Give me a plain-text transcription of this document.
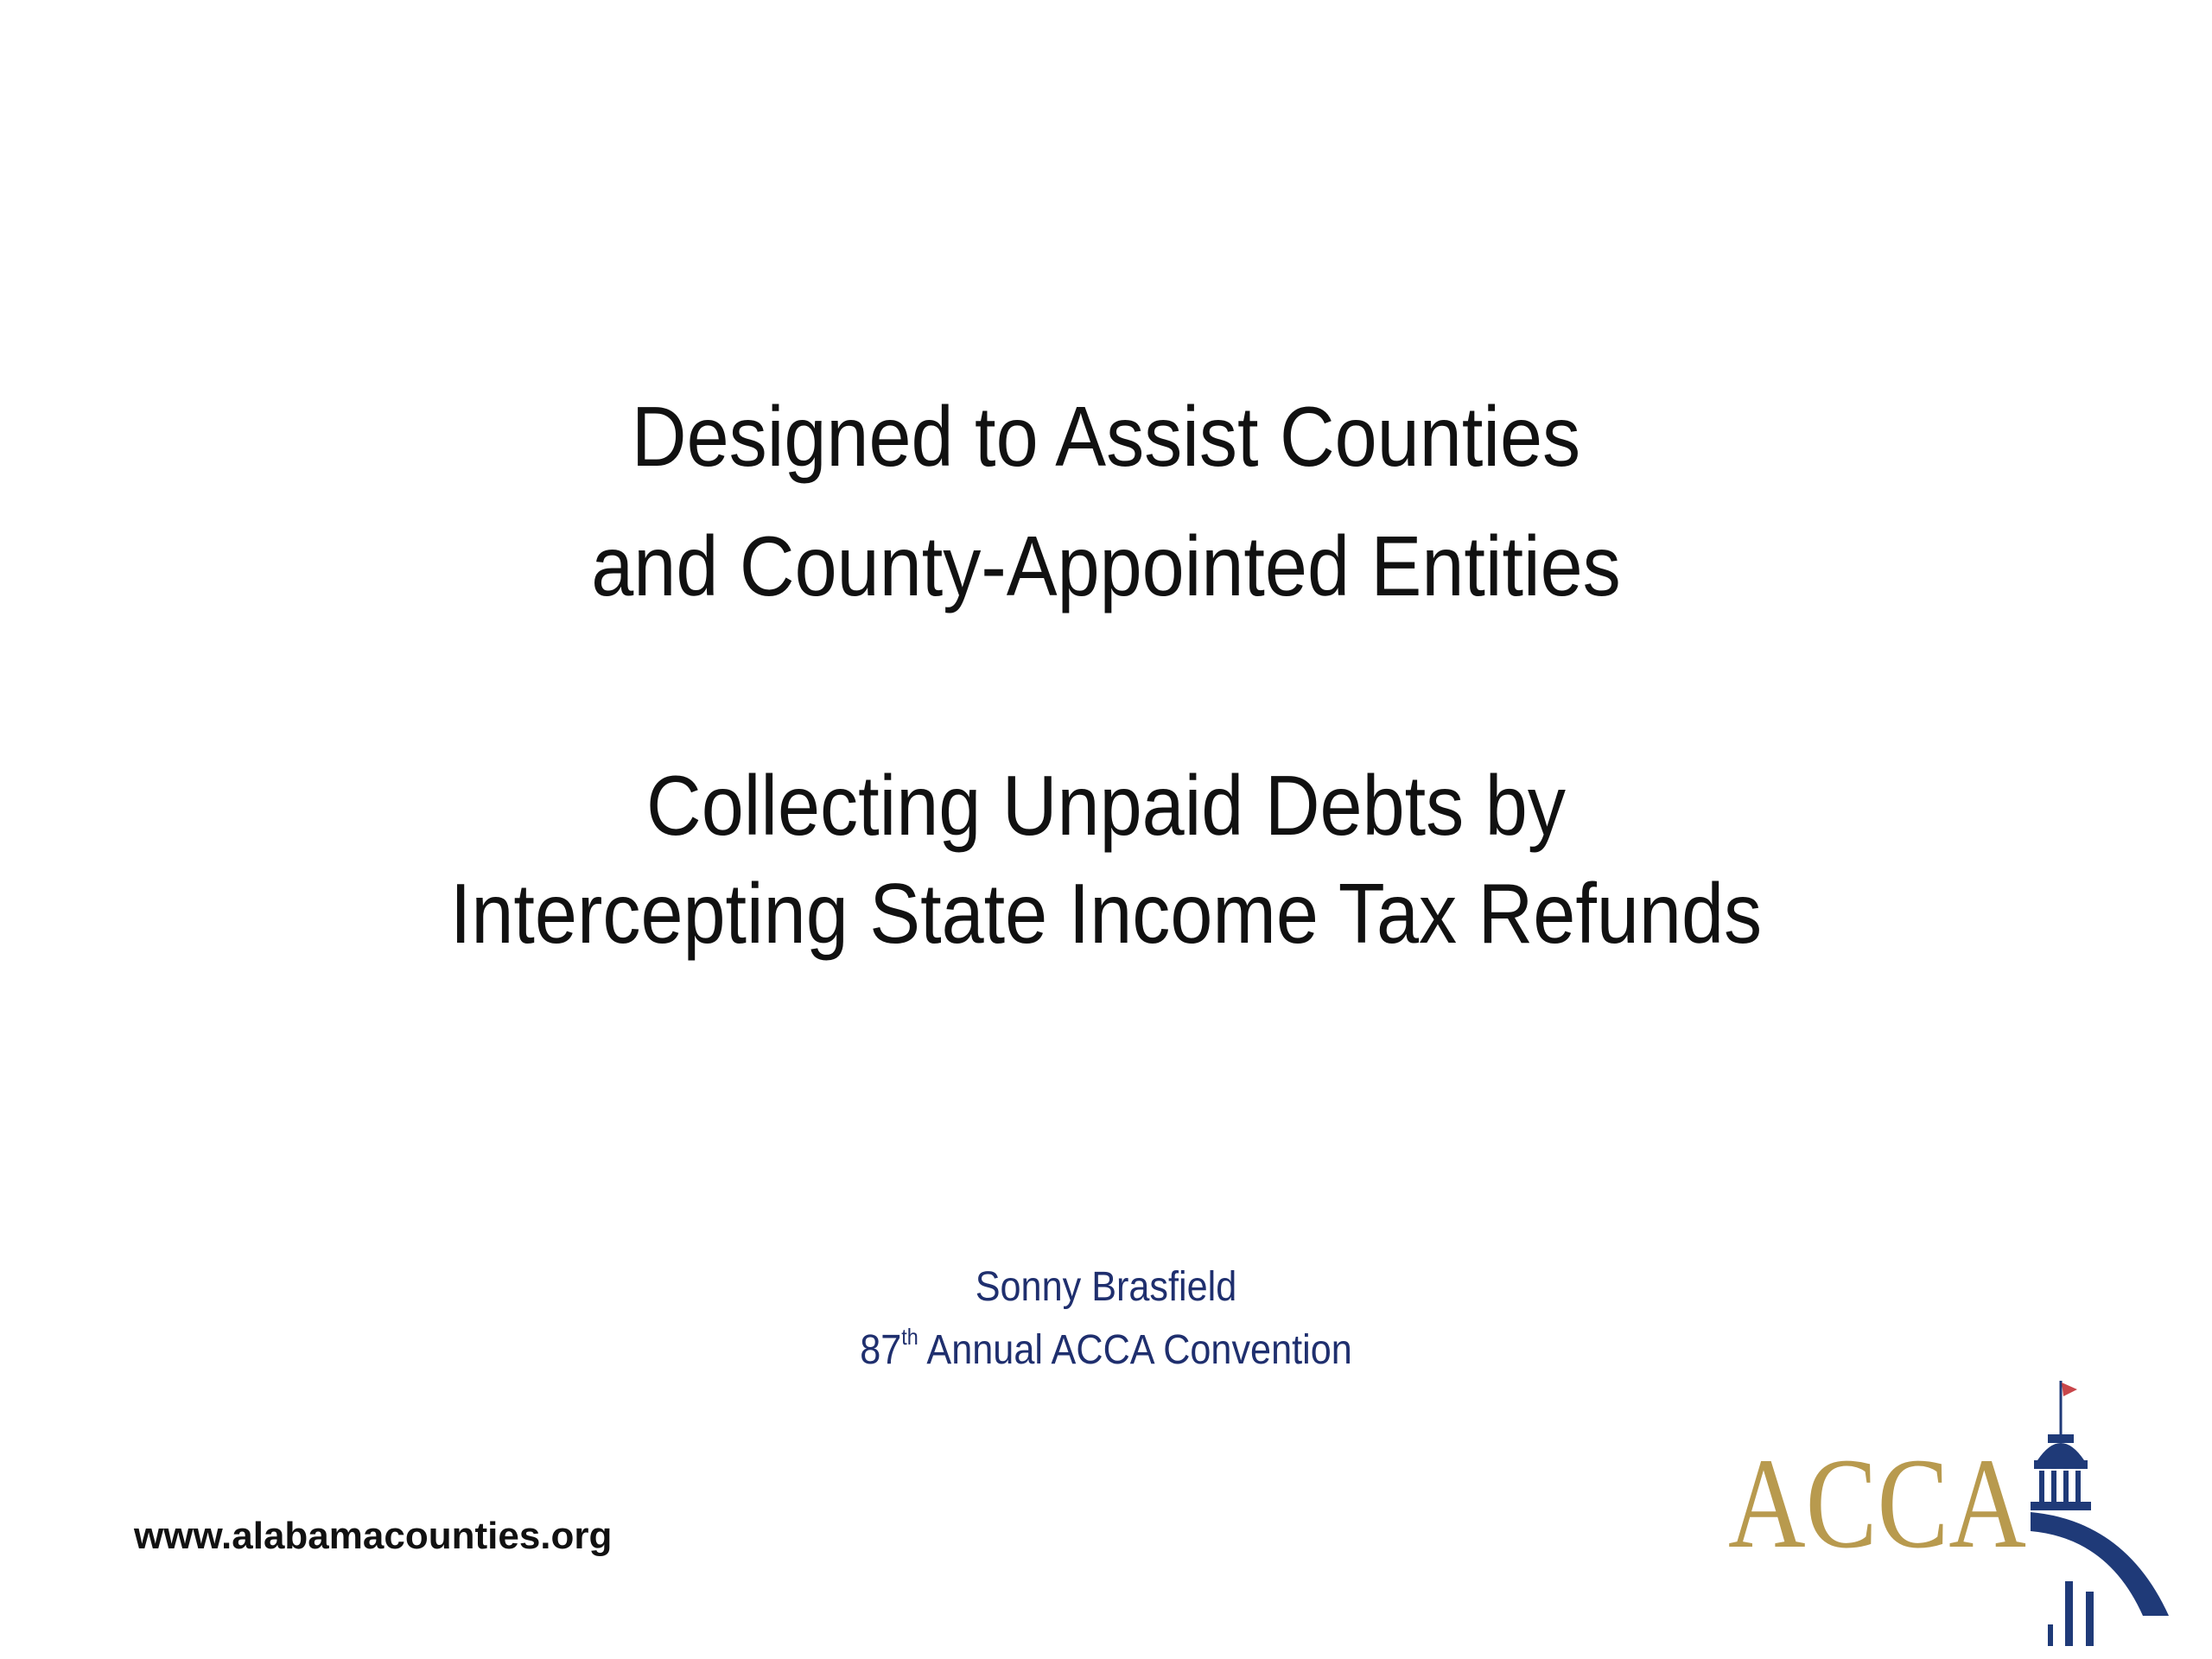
Designed to Assist Counties
and County-Appointed Entities
Collecting Unpaid Debts by
Intercepting State Income Tax Refunds
Sonny Brasfield
87th Annual ACCA Convention
www.alabamacounties.org	ACCA
